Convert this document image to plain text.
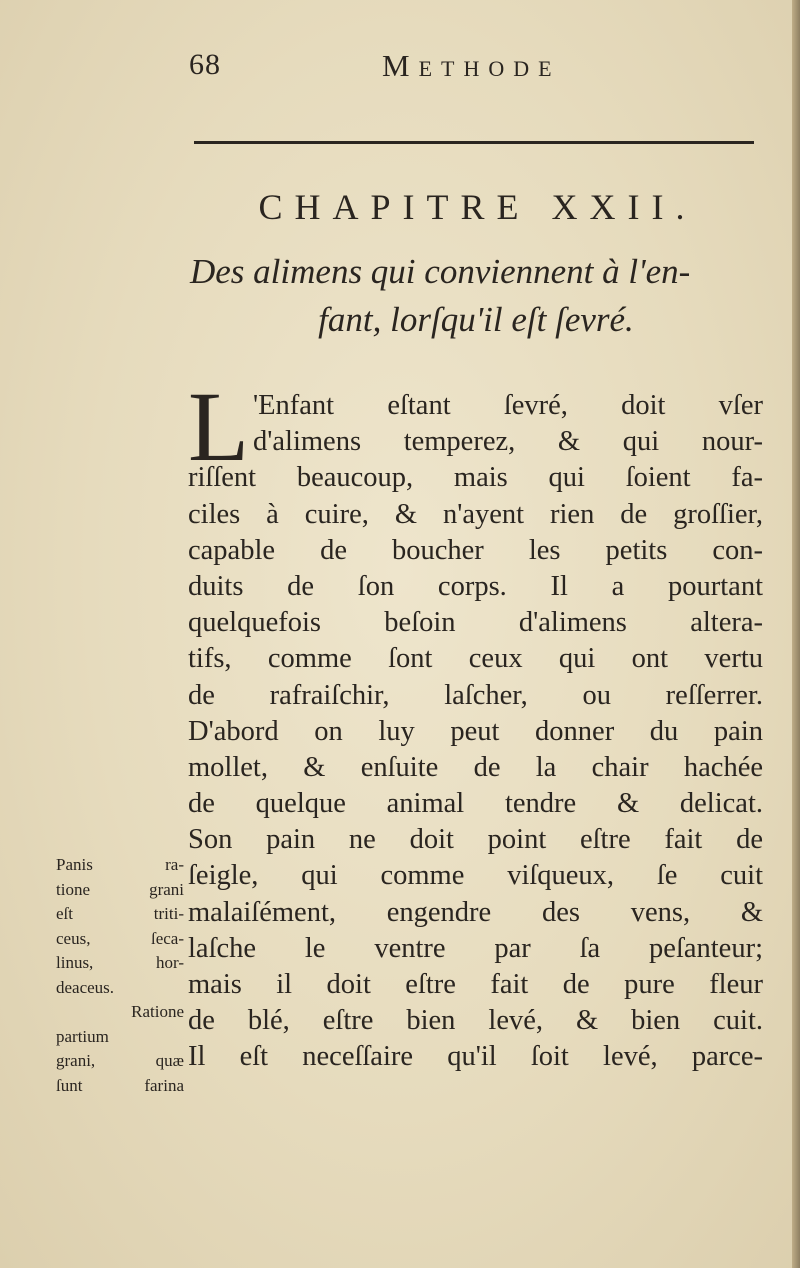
68	Methode
CHAPITRE XXII.
Des alimens qui conviennent à l'en-
fant, lorſqu'il eſt ſevré.
L 'Enfant eſtant ſevré, doit vſer
d'alimens temperez, & qui nour-
riſſent beaucoup, mais qui ſoient fa-
ciles à cuire, & n'ayent rien de groſſier,
capable de boucher les petits con-
duits de ſon corps. Il a pourtant
quelquefois beſoin d'alimens altera-
tifs, comme ſont ceux qui ont vertu
de rafraiſchir, laſcher, ou reſſerrer.
D'abord on luy peut donner du pain
mollet, & enſuite de la chair hachée
de quelque animal tendre & delicat.
Son pain ne doit point eſtre fait de
ſeigle, qui comme viſqueux, ſe cuit
malaiſément, engendre des vens, &
laſche le ventre par ſa peſanteur;
mais il doit eſtre fait de pure fleur
de blé, eſtre bien levé, & bien cuit.
Il eſt neceſſaire qu'il ſoit levé, parce-
Panis ra-
tione grani
eſt triti-
ceus, ſeca-
linus, hor-
deaceus.
Ratione
partium
grani, quæ
ſunt farina
